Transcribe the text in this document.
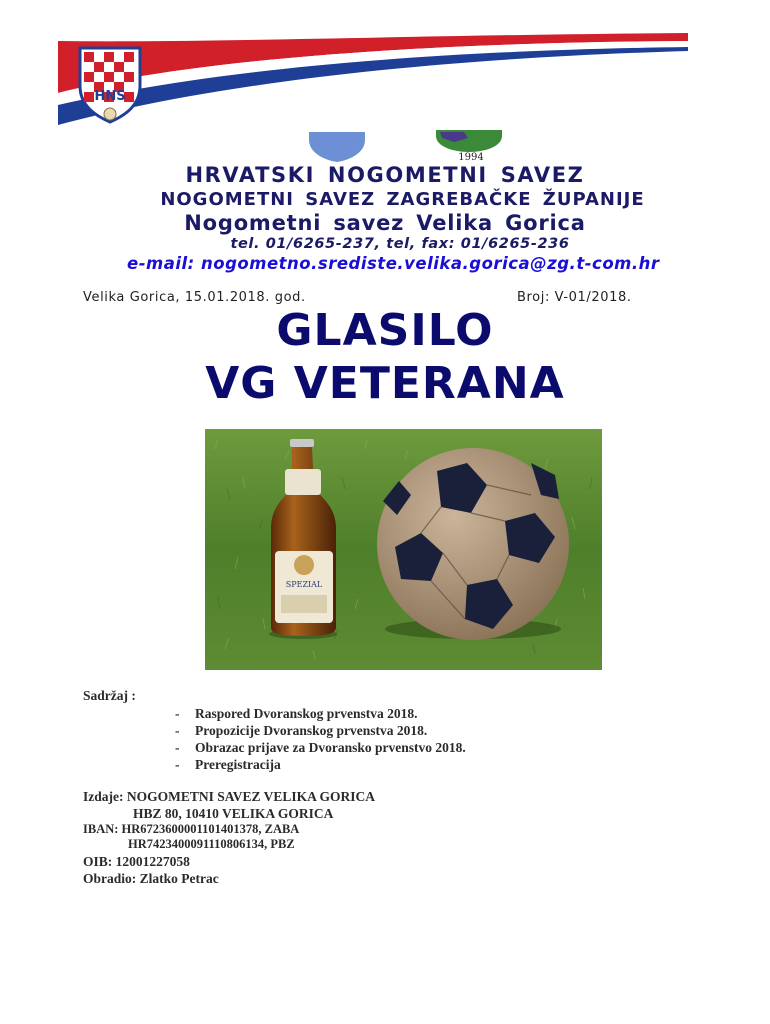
HNS
1994
HRVATSKI NOGOMETNI SAVEZ
NOGOMETNI SAVEZ ZAGREBAČKE ŽUPANIJE
Nogometni savez Velika Gorica
tel. 01/6265-237, tel, fax: 01/6265-236
e-mail: nogometno.srediste.velika.gorica@zg.t-com.hr
Velika Gorica, 15.01.2018. god.	Broj: V-01/2018.
GLASILO
VG VETERANA
SPEZIAL
Sadržaj :
-	Raspored Dvoranskog prvenstva 2018.
-	Propozicije Dvoranskog prvenstva 2018.
-	Obrazac prijave za Dvoransko prvenstvo 2018.
-	Preregistracija
Izdaje: NOGOMETNI SAVEZ VELIKA GORICA
HBZ 80, 10410 VELIKA GORICA
IBAN: HR6723600001101401378, ZABA
HR7423400091110806134, PBZ
OIB: 12001227058
Obradio: Zlatko Petrac
